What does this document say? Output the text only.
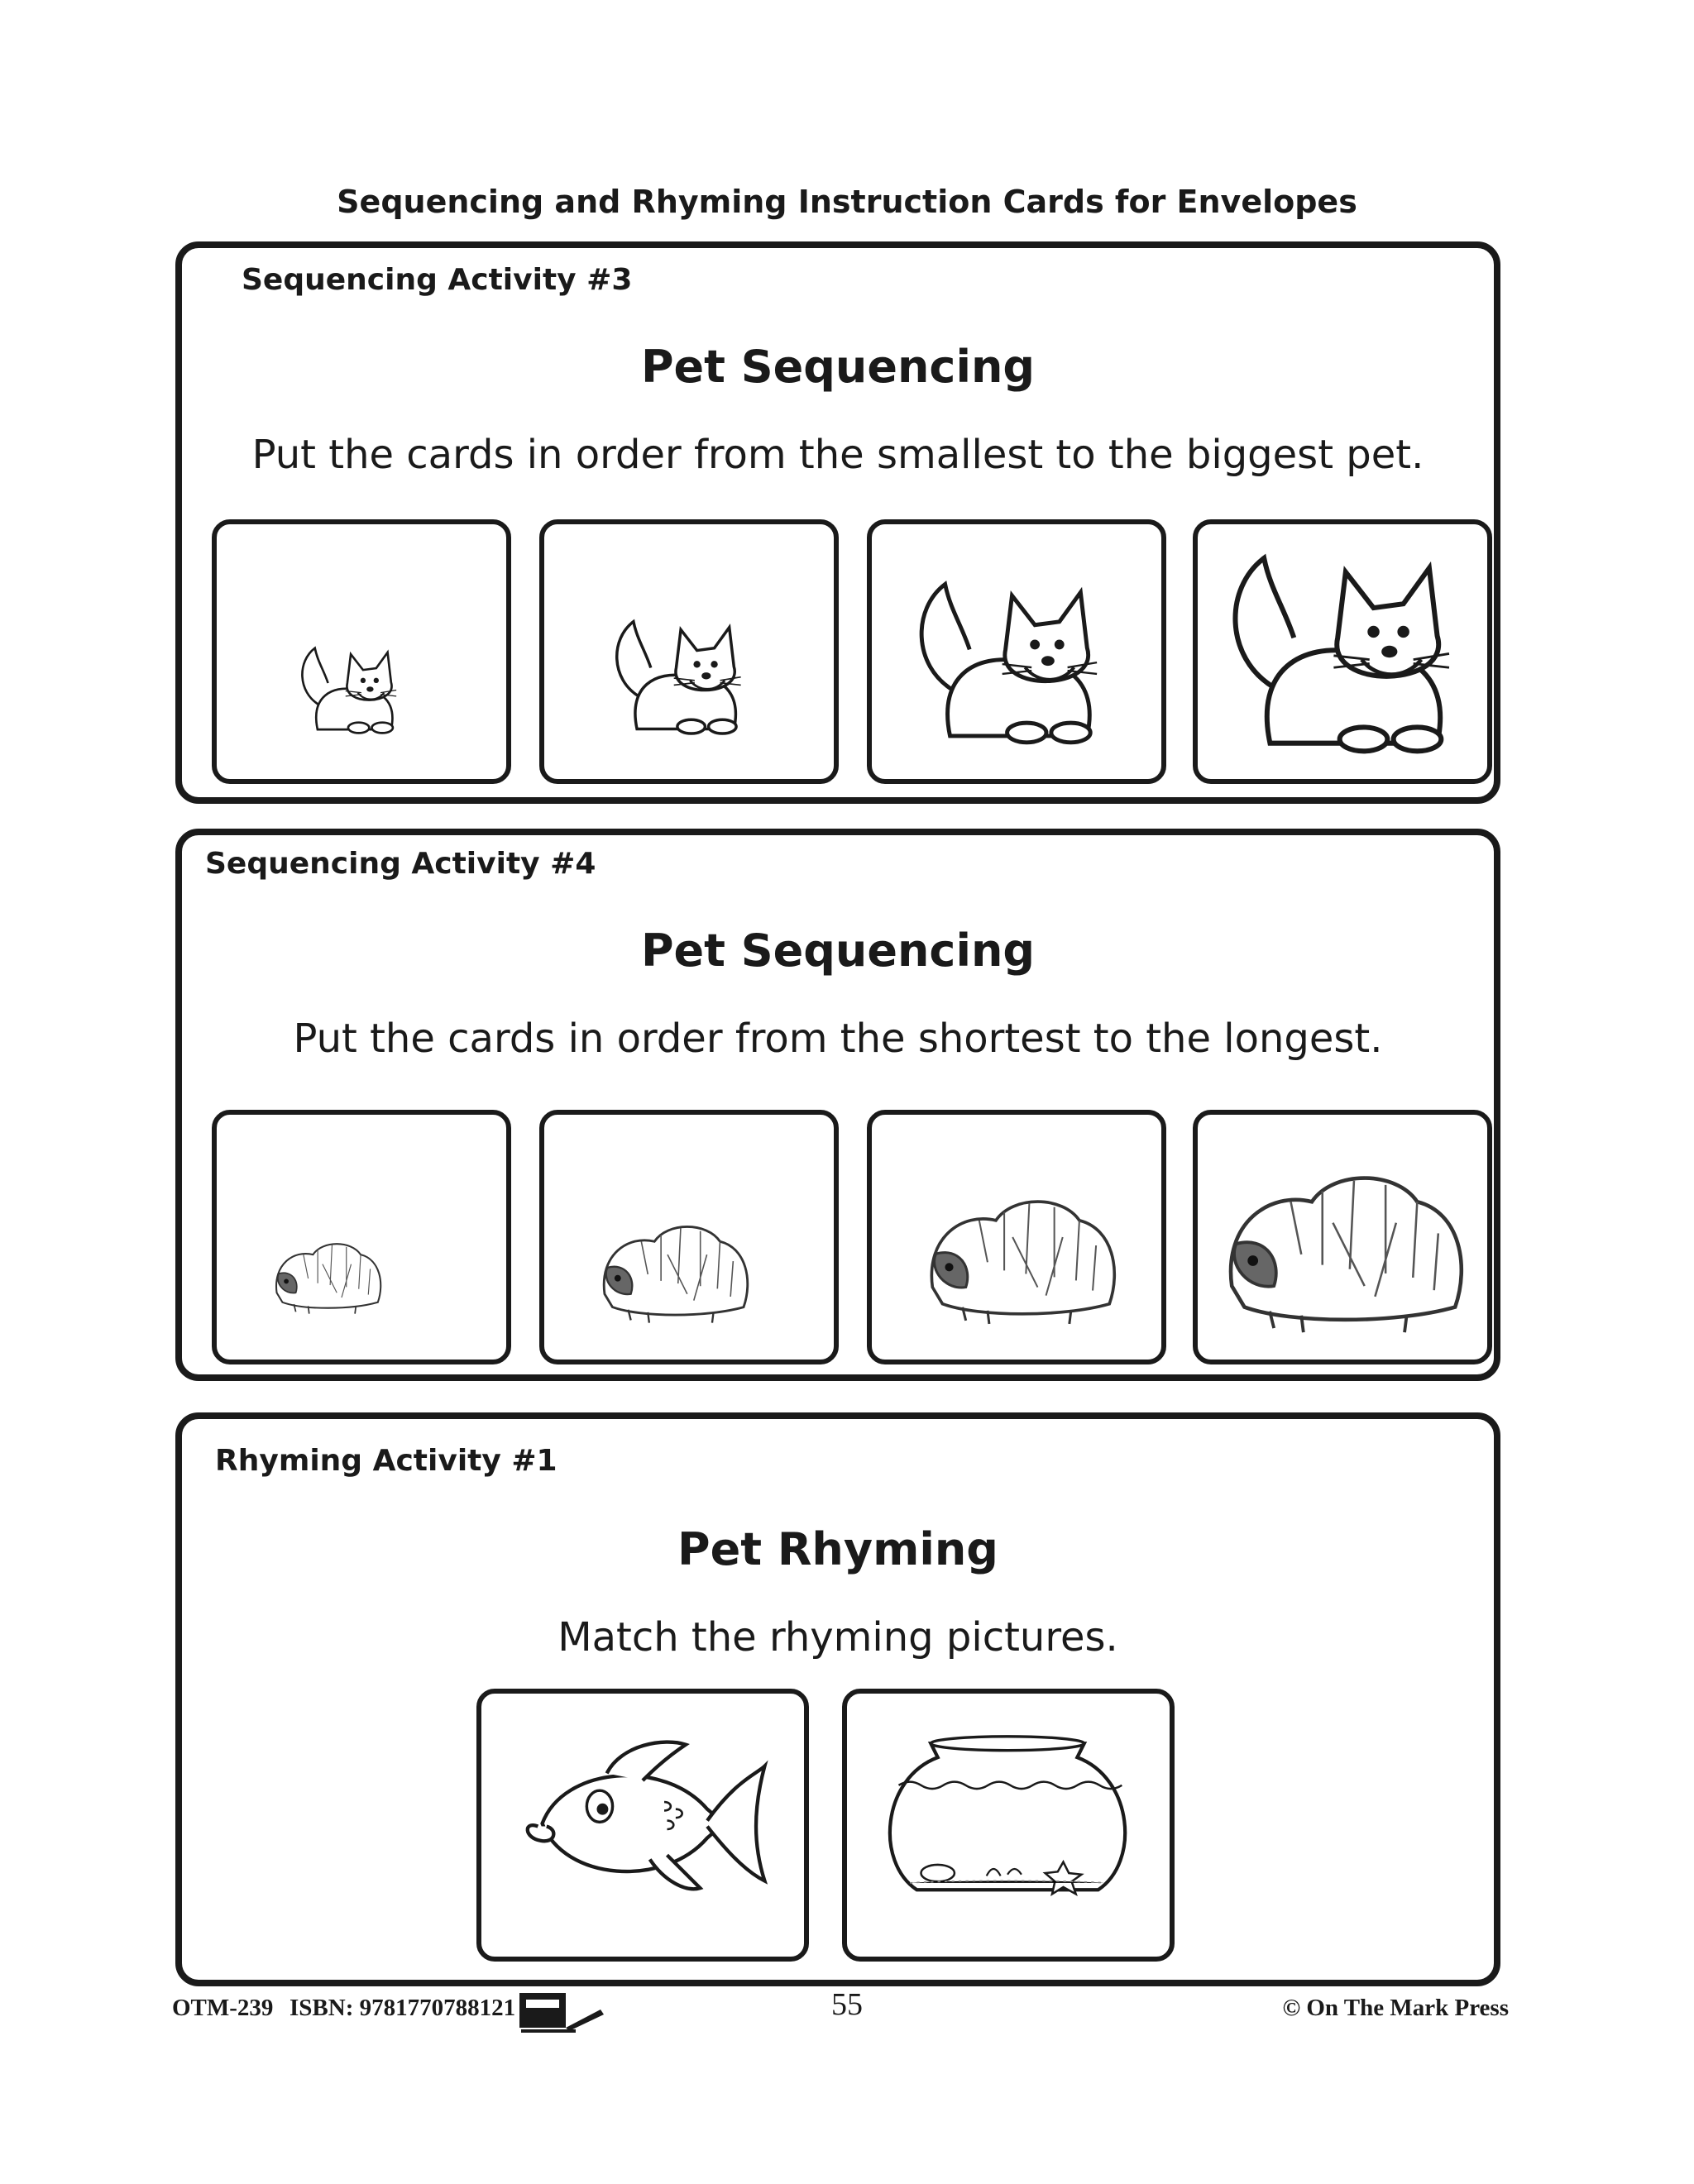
Sequencing and Rhyming Instruction Cards for Envelopes
Sequencing Activity #3
Pet Sequencing
Put the cards in order from the smallest to the biggest pet.
Sequencing Activity #4
Pet Sequencing
Put the cards in order from the shortest to the longest.
Rhyming Activity #1
Pet Rhyming
Match the rhyming pictures.
OTM-239 ISBN: 9781770788121	55	© On The Mark Press
